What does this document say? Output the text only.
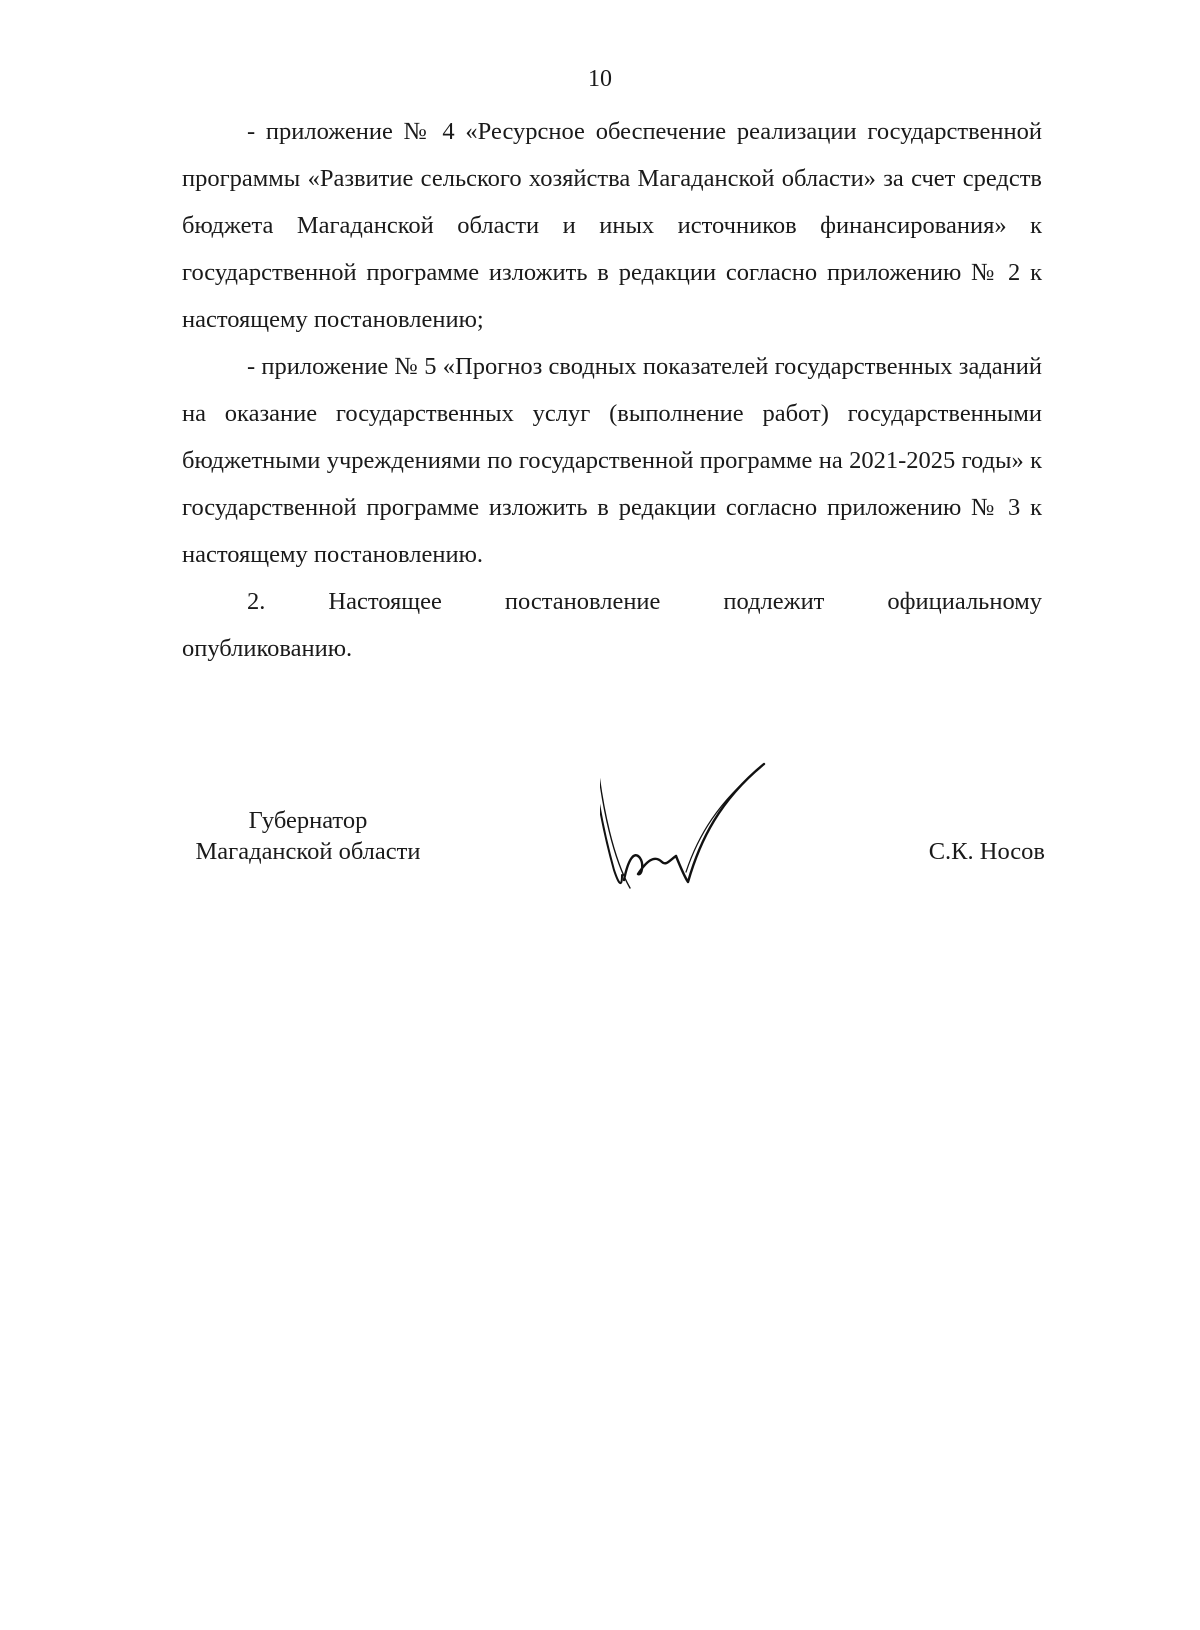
10

- приложение № 4 «Ресурсное обеспечение реализации государственной программы «Развитие сельского хозяйства Магаданской области» за счет средств бюджета Магаданской области и иных источников финансирования» к государственной программе изложить в редакции согласно приложению № 2 к настоящему постановлению;

- приложение № 5 «Прогноз сводных показателей государственных заданий на оказание государственных услуг (выполнение работ) государственными бюджетными учреждениями по государственной программе на 2021-2025 годы» к государственной программе изложить в редакции согласно приложению № 3 к настоящему постановлению.

2. Настоящее постановление подлежит официальному
опубликованию.

Губернатор
Магаданской области	С.К. Носов
